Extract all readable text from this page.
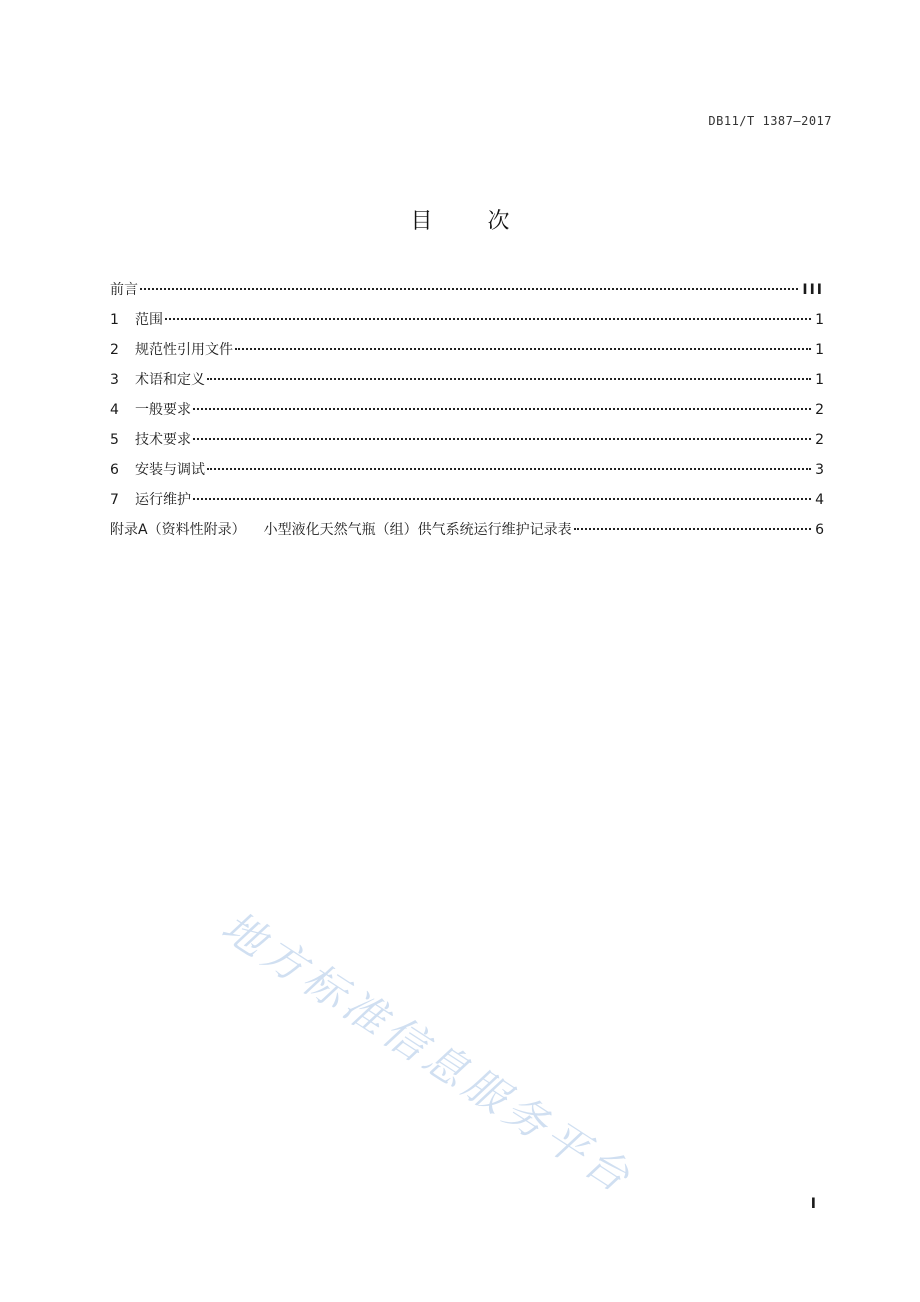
DB11/T 1387—2017
目 次
前言	III
1	范围	1
2	规范性引用文件	1
3	术语和定义	1
4	一般要求	2
5	技术要求	2
6	安装与调试	3
7	运行维护	4
附录A（资料性附录） 小型液化天然气瓶（组）供气系统运行维护记录表	6
地方标准信息服务平台	I
